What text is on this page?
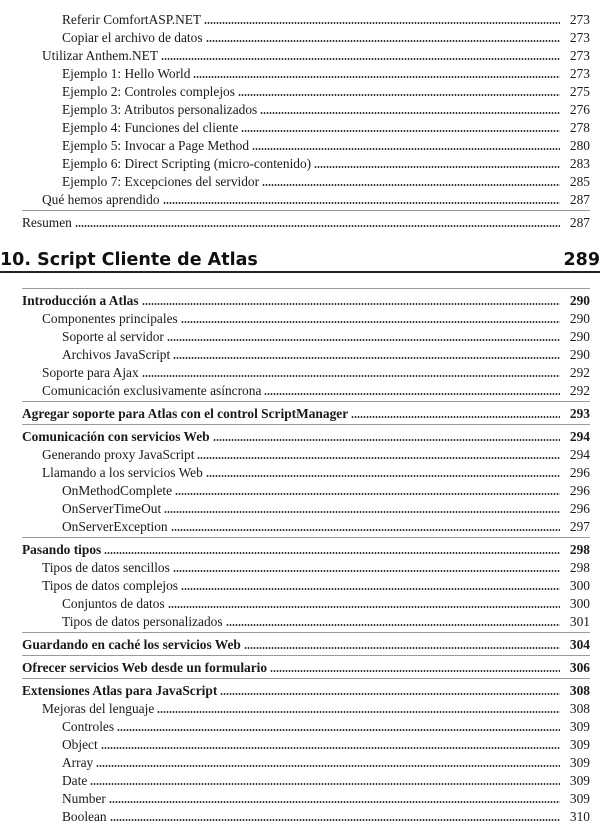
Referir ComfortASP.NET	273
Copiar el archivo de datos	273
Utilizar Anthem.NET	273
Ejemplo 1: Hello World	273
Ejemplo 2: Controles complejos	275
Ejemplo 3: Atributos personalizados	276
Ejemplo 4: Funciones del cliente	278
Ejemplo 5: Invocar a Page Method	280
Ejemplo 6: Direct Scripting (micro-contenido)	283
Ejemplo 7: Excepciones del servidor	285
Qué hemos aprendido	287
Resumen	287
10. Script Cliente de Atlas	289
Introducción a Atlas	290
Componentes principales	290
Soporte al servidor	290
Archivos JavaScript	290
Soporte para Ajax	292
Comunicación exclusivamente asíncrona	292
Agregar soporte para Atlas con el control ScriptManager	293
Comunicación con servicios Web	294
Generando proxy JavaScript	294
Llamando a los servicios Web	296
OnMethodComplete	296
OnServerTimeOut	296
OnServerException	297
Pasando tipos	298
Tipos de datos sencillos	298
Tipos de datos complejos	300
Conjuntos de datos	300
Tipos de datos personalizados	301
Guardando en caché los servicios Web	304
Ofrecer servicios Web desde un formulario	306
Extensiones Atlas para JavaScript	308
Mejoras del lenguaje	308
Controles	309
Object	309
Array	309
Date	309
Number	309
Boolean	310
